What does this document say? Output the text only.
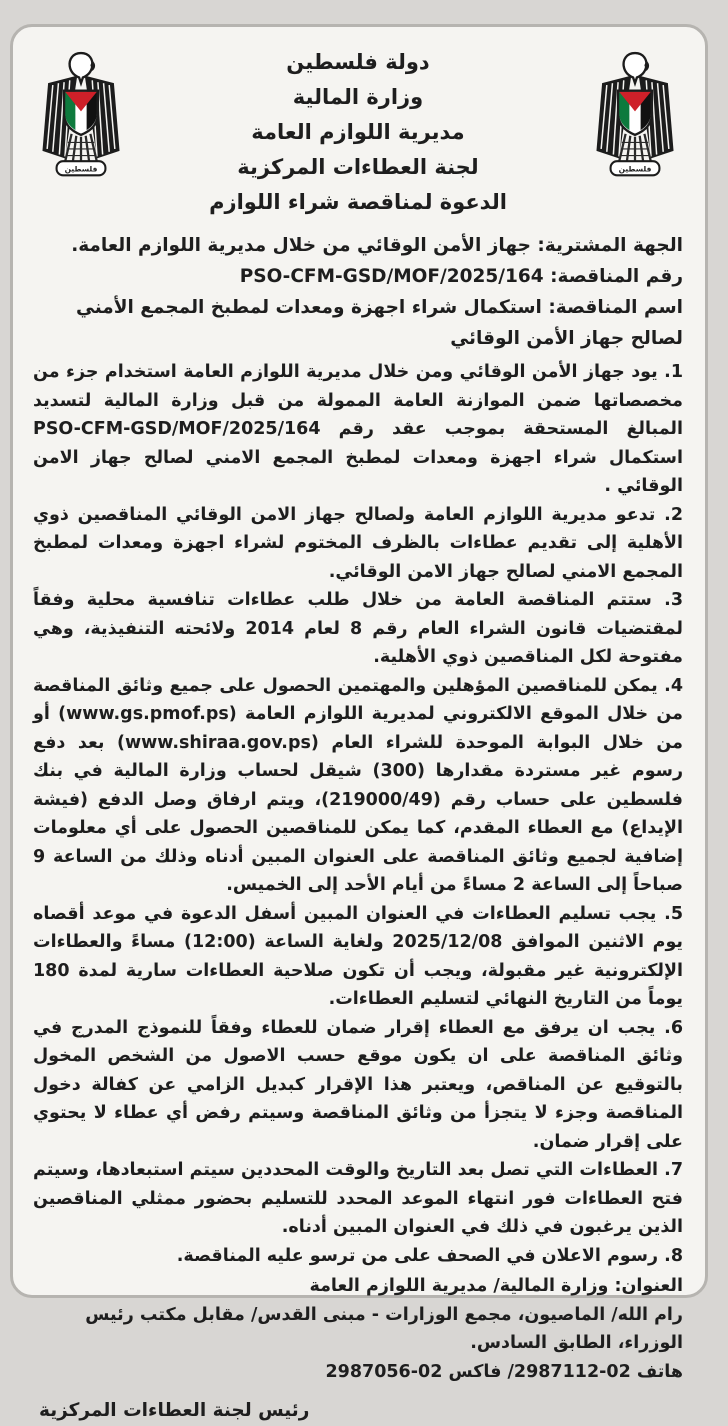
فلسطين
دولة فلسطين
وزارة المالية
مديرية اللوازم العامة
لجنة العطاءات المركزية
الدعوة لمناقصة شراء اللوازم
فلسطين
الجهة المشترية: جهاز الأمن الوقائي من خلال مديرية اللوازم العامة.
رقم المناقصة: PSO-CFM-GSD/MOF/2025/164
اسم المناقصة: استكمال شراء اجهزة ومعدات لمطبخ المجمع الأمني لصالح جهاز الأمن الوقائي

1. يود جهاز الأمن الوقائي ومن خلال مديرية اللوازم العامة استخدام جزء من مخصصاتها ضمن الموازنة العامة الممولة من قبل وزارة المالية لتسديد المبالغ المستحقة بموجب عقد رقم PSO-CFM-GSD/MOF/2025/164 استكمال شراء اجهزة ومعدات لمطبخ المجمع الامني لصالح جهاز الامن الوقائي .

2. تدعو مديرية اللوازم العامة ولصالح جهاز الامن الوقائي المناقصين ذوي الأهلية إلى تقديم عطاءات بالظرف المختوم لشراء اجهزة ومعدات لمطبخ المجمع الامني لصالح جهاز الامن الوقائي.

3. ستتم المناقصة العامة من خلال طلب عطاءات تنافسية محلية وفقاً لمقتضيات قانون الشراء العام رقم 8 لعام 2014 ولائحته التنفيذية، وهي مفتوحة لكل المناقصين ذوي الأهلية.

4. يمكن للمناقصين المؤهلين والمهتمين الحصول على جميع وثائق المناقصة من خلال الموقع الالكتروني لمديرية اللوازم العامة (www.gs.pmof.ps) أو من خلال البوابة الموحدة للشراء العام (www.shiraa.gov.ps) بعد دفع رسوم غير مستردة مقدارها (300) شيقل لحساب وزارة المالية في بنك فلسطين على حساب رقم (219000/49)، ويتم ارفاق وصل الدفع (فيشة الإيداع) مع العطاء المقدم، كما يمكن للمناقصين الحصول على أي معلومات إضافية لجميع وثائق المناقصة على العنوان المبين أدناه وذلك من الساعة 9 صباحاً إلى الساعة 2 مساءً من أيام الأحد إلى الخميس.

5. يجب تسليم العطاءات في العنوان المبين أسفل الدعوة في موعد أقصاه يوم الاثنين الموافق 2025/12/08 ولغاية الساعة (12:00) مساءً والعطاءات الإلكترونية غير مقبولة، ويجب أن تكون صلاحية العطاءات سارية لمدة 180 يوماً من التاريخ النهائي لتسليم العطاءات.

6. يجب ان يرفق مع العطاء إقرار ضمان للعطاء وفقاً للنموذج المدرج في وثائق المناقصة على ان يكون موقع حسب الاصول من الشخص المخول بالتوقيع عن المناقص، ويعتبر هذا الإقرار كبديل الزامي عن كفالة دخول المناقصة وجزء لا يتجزأ من وثائق المناقصة وسيتم رفض أي عطاء لا يحتوي على إقرار ضمان.

7. العطاءات التي تصل بعد التاريخ والوقت المحددين سيتم استبعادها، وسيتم فتح العطاءات فور انتهاء الموعد المحدد للتسليم بحضور ممثلي المناقصين الذين يرغبون في ذلك في العنوان المبين أدناه.

8. رسوم الاعلان في الصحف على من ترسو عليه المناقصة.

العنوان: وزارة المالية/ مديرية اللوازم العامة
رام الله/ الماصيون، مجمع الوزارات - مبنى القدس/ مقابل مكتب رئيس الوزراء، الطابق السادس.
هاتف 02-2987112/ فاكس 02-2987056
رئيس لجنة العطاءات المركزية
